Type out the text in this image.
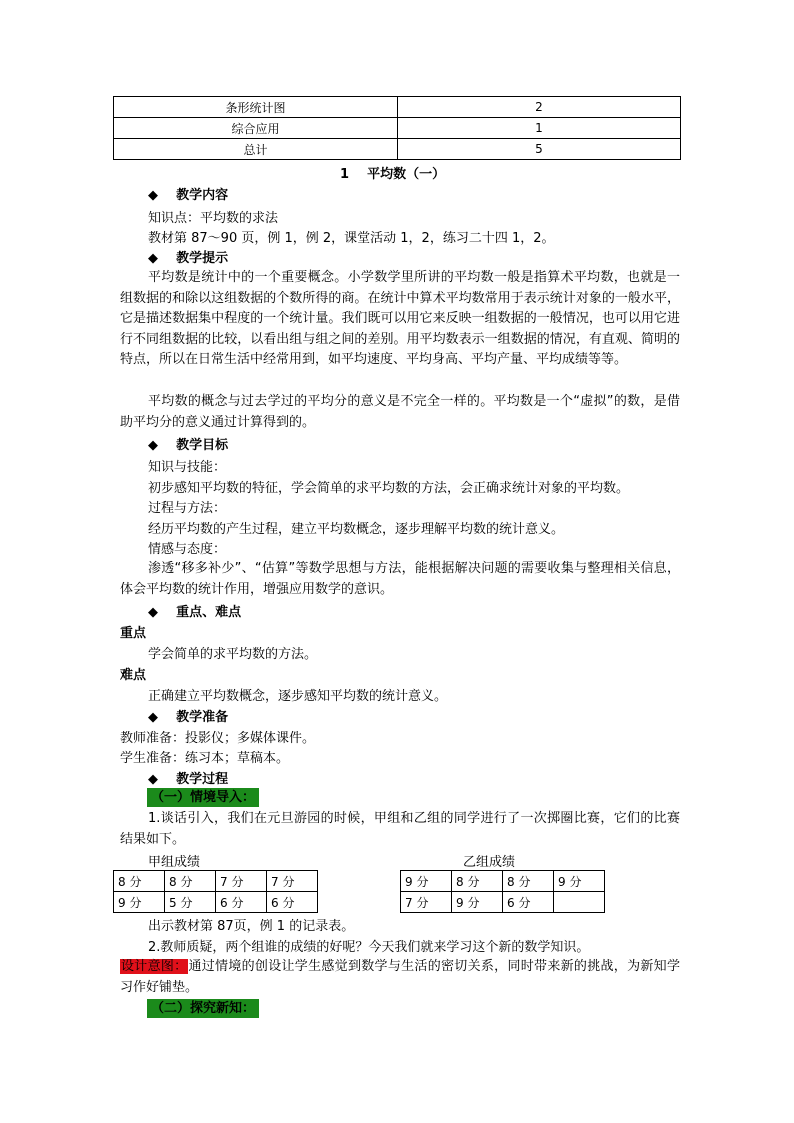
条形统计图	2
综合应用	1
总计	5
1    平均数（一）
◆    教学内容
知识点：平均数的求法
教材第 87～90 页，例 1，例 2，课堂活动 1，2，练习二十四 1，2。
◆    教学提示
平均数是统计中的一个重要概念。小学数学里所讲的平均数一般是指算术平均数，也就是一组数据的和除以这组数据的个数所得的商。在统计中算术平均数常用于表示统计对象的一般水平，它是描述数据集中程度的一个统计量。我们既可以用它来反映一组数据的一般情况，也可以用它进行不同组数据的比较，以看出组与组之间的差别。用平均数表示一组数据的情况，有直观、简明的特点，所以在日常生活中经常用到，如平均速度、平均身高、平均产量、平均成绩等等。
平均数的概念与过去学过的平均分的意义是不完全一样的。平均数是一个“虚拟”的数，是借助平均分的意义通过计算得到的。
◆    教学目标
知识与技能：
初步感知平均数的特征，学会简单的求平均数的方法，会正确求统计对象的平均数。
过程与方法：
经历平均数的产生过程，建立平均数概念，逐步理解平均数的统计意义。
情感与态度：
渗透“移多补少”、“估算”等数学思想与方法，能根据解决问题的需要收集与整理相关信息，体会平均数的统计作用，增强应用数学的意识。
◆    重点、难点
重点
学会简单的求平均数的方法。
难点
正确建立平均数概念，逐步感知平均数的统计意义。
◆    教学准备
教师准备：投影仪；多媒体课件。
学生准备：练习本；草稿本。
◆    教学过程
（一）情境导入：
1.谈话引入，我们在元旦游园的时候，甲组和乙组的同学进行了一次掷圈比赛，它们的比赛结果如下。
甲组成绩	乙组成绩
8 分	8 分	7 分	7 分
9 分	5 分	6 分	6 分
9 分	8 分	8 分	9 分
7 分	9 分	6 分	
出示教材第 87页，例 1 的记录表。
2.教师质疑，两个组谁的成绩的好呢？今天我们就来学习这个新的数学知识。
设计意图：通过情境的创设让学生感觉到数学与生活的密切关系，同时带来新的挑战，为新知学习作好铺垫。
（二）探究新知：
